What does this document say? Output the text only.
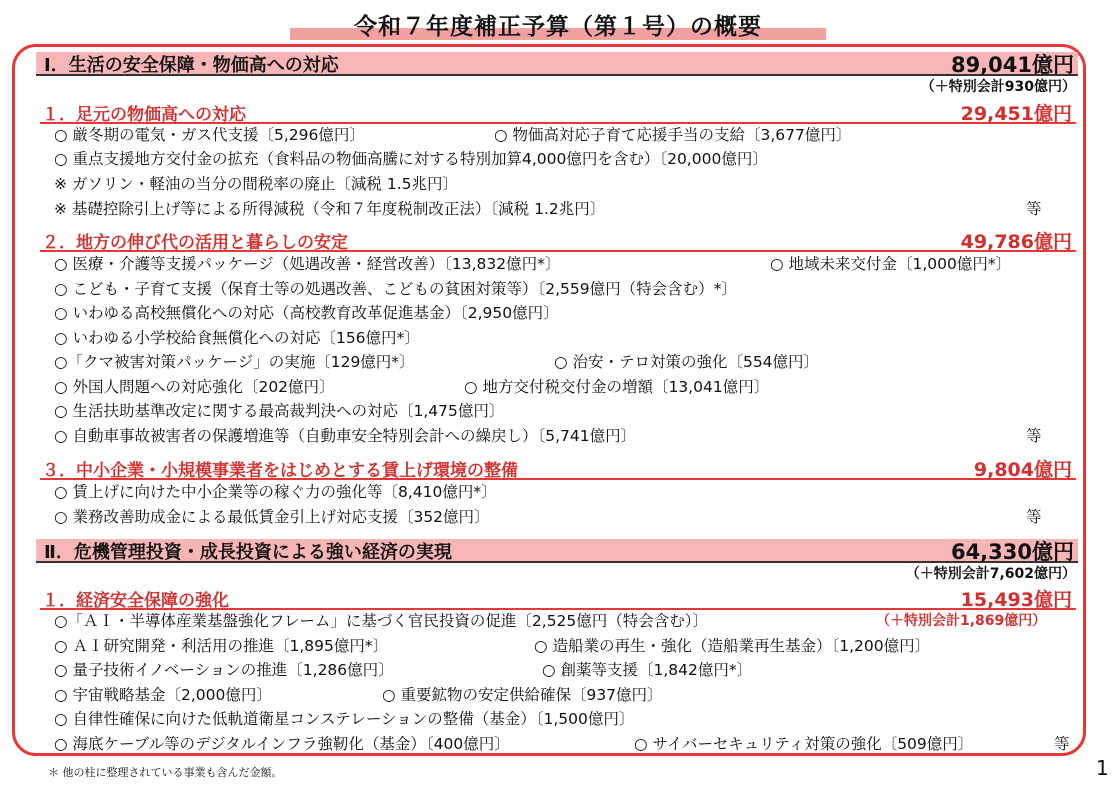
令和７年度補正予算（第１号）の概要
Ⅰ．生活の安全保障・物価高への対応	89,041億円
（＋特別会計930億円）
１．足元の物価高への対応	29,451億円
○ 厳冬期の電気・ガス代支援〔5,296億円〕	○ 物価高対応子育て応援手当の支給〔3,677億円〕
○ 重点支援地方交付金の拡充（食料品の物価高騰に対する特別加算4,000億円を含む）〔20,000億円〕
※ ガソリン・軽油の当分の間税率の廃止〔減税 1.5兆円〕
※ 基礎控除引上げ等による所得減税（令和７年度税制改正法）〔減税 1.2兆円〕	等
２．地方の伸び代の活用と暮らしの安定	49,786億円
○ 医療・介護等支援パッケージ（処遇改善・経営改善）〔13,832億円*〕	○ 地域未来交付金〔1,000億円*〕
○ こども・子育て支援（保育士等の処遇改善、こどもの貧困対策等）〔2,559億円（特会含む）*〕
○ いわゆる高校無償化への対応（高校教育改革促進基金）〔2,950億円〕
○ いわゆる小学校給食無償化への対応〔156億円*〕
○「クマ被害対策パッケージ」の実施〔129億円*〕	○ 治安・テロ対策の強化〔554億円〕
○ 外国人問題への対応強化〔202億円〕	○ 地方交付税交付金の増額〔13,041億円〕
○ 生活扶助基準改定に関する最高裁判決への対応〔1,475億円〕
○ 自動車事故被害者の保護増進等（自動車安全特別会計への繰戻し）〔5,741億円〕	等
３．中小企業・小規模事業者をはじめとする賃上げ環境の整備	9,804億円
○ 賃上げに向けた中小企業等の稼ぐ力の強化等〔8,410億円*〕
○ 業務改善助成金による最低賃金引上げ対応支援〔352億円〕	等
Ⅱ．危機管理投資・成長投資による強い経済の実現	64,330億円
（＋特別会計7,602億円）
１．経済安全保障の強化	15,493億円
○「ＡＩ・半導体産業基盤強化フレーム」に基づく官民投資の促進〔2,525億円（特会含む）〕	（＋特別会計1,869億円）
○ ＡＩ研究開発・利活用の推進〔1,895億円*〕	○ 造船業の再生・強化（造船業再生基金）〔1,200億円〕
○ 量子技術イノベーションの推進〔1,286億円〕	○ 創薬等支援〔1,842億円*〕
○ 宇宙戦略基金〔2,000億円〕	○ 重要鉱物の安定供給確保〔937億円〕
○ 自律性確保に向けた低軌道衛星コンステレーションの整備（基金）〔1,500億円〕
○ 海底ケーブル等のデジタルインフラ強靭化（基金）〔400億円〕	○ サイバーセキュリティ対策の強化〔509億円〕	等
＊ 他の柱に整理されている事業も含んだ金額。	1
